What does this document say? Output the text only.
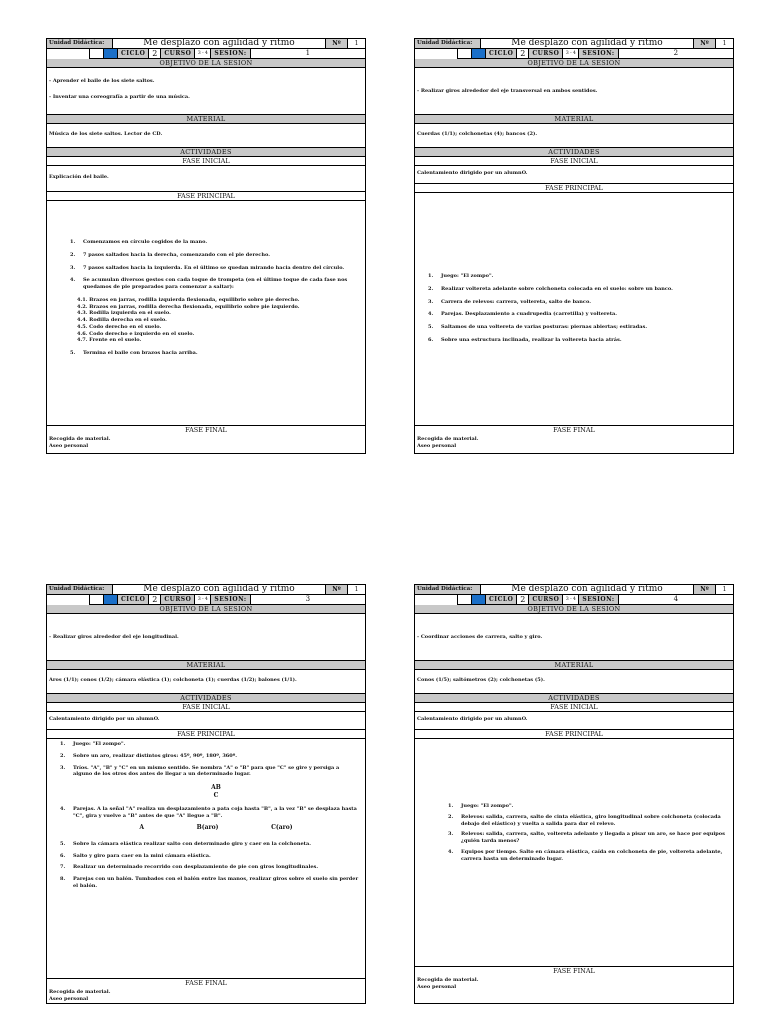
Unidad Didáctica:	Me desplazo con agilidad y ritmo	Nº	1
CICLO 2	CURSO	3 - 4	SESION:	1
OBJETIVO DE LA SESION
- Aprender el baile de los siete saltos.
- Inventar una coreografía a partir de una música.
MATERIAL
Música de los siete saltos. Lector de CD.
ACTIVIDADES
FASE INICIAL
Explicación del baile.
FASE PRINCIPAL
1. Comenzamos en círculo cogidos de la mano.
2. 7 pasos saltados hacia la derecha, comenzando con el pie derecho.
3. 7 pasos saltados hacia la izquierda. En el último se quedan mirando hacia dentro del círculo.
4. Se acumulan diversos gestos con cada toque de trompeta (en el último toque de cada fase nos quedamos de pie preparados para comenzar a saltar):
4.1. Brazos en jarras, rodilla izquierda flexionada, equilibrio sobre pie derecho.
4.2. Brazos en jarras, rodilla derecha flexionada, equilibrio sobre pie izquierdo.
4.3. Rodilla izquierda en el suelo.
4.4. Rodilla derecha en el suelo.
4.5. Codo derecho en el suelo.
4.6. Codo derecho e izquierdo en el suelo.
4.7. Frente en el suelo.
5. Termina el baile con brazos hacia arriba.
FASE FINAL
Recogida de material.
Aseo personal
Unidad Didáctica:	Me desplazo con agilidad y ritmo	Nº	1
CICLO 2	CURSO	3 - 4	SESION:	2
OBJETIVO DE LA SESION
- Realizar giros alrededor del eje transversal en ambos sentidos.
MATERIAL
Cuerdas (1/1); colchonetas (4); bancos (2).
ACTIVIDADES
FASE INICIAL
Calentamiento dirigido por un alumnO.
FASE PRINCIPAL
1. Juego: "El zompo".
2. Realizar voltereta adelante sobre colchoneta colocada en el suelo: sobre un banco.
3. Carrera de relevos: carrera, voltereta, salto de banco.
4. Parejas. Desplazamiento a cuadrupedia (carretilla) y voltereta.
5. Saltamos de una voltereta de varias posturas: piernas abiertas; estiradas.
6. Sobre una estructura inclinada, realizar la voltereta hacia atrás.
FASE FINAL
Recogida de material.
Aseo personal
Unidad Didáctica:	Me desplazo con agilidad y ritmo	Nº	1
CICLO 2	CURSO	3 - 4	SESION:	3
OBJETIVO DE LA SESION
- Realizar giros alrededor del eje longitudinal.
MATERIAL
Aros (1/1); conos (1/2); cámara elástica (1); colchoneta (1); cuerdas (1/2); balones (1/1).
ACTIVIDADES
FASE INICIAL
Calentamiento dirigido por un alumnO.
FASE PRINCIPAL
1. Juego: "El zompo".
2. Sobre un aro, realizar distintos giros: 45º, 90º, 180º, 360º.
3. Tríos. "A", "B" y "C" en un mismo sentido. Se nombra "A" o "B" para que "C" se gire y persiga a alguno de los otros dos antes de llegar a un determinado lugar.
AB
C
4. Parejas. A la señal "A" realiza un desplazamiento a pata coja hasta "B", a la vez "B" se desplaza hasta "C", gira y vuelve a "B" antes de que "A" llegue a "B".
A	B(aro)	C(aro)
5. Sobre la cámara elástica realizar salto con determinado giro y caer en la colchoneta.
6. Salto y giro para caer en la mini cámara elástica.
7. Realizar un determinado recorrido con desplazamiento de pie con giros longitudinales.
8. Parejas con un balón. Tumbados con el balón entre las manos, realizar giros sobre el suelo sin perder el balón.
FASE FINAL
Recogida de material.
Aseo personal
Unidad Didáctica:	Me desplazo con agilidad y ritmo	Nº	1
CICLO 2	CURSO	3 - 4	SESION:	4
OBJETIVO DE LA SESION
- Coordinar acciones de carrera, salto y giro.
MATERIAL
Conos (1/5); saltómetros (2); colchonetas (5).
ACTIVIDADES
FASE INICIAL
Calentamiento dirigido por un alumnO.
FASE PRINCIPAL
1. Juego: "El zompo".
2. Relevos: salida, carrera, salto de cinta elástica, giro longitudinal sobre colchoneta (colocada debajo del elástico) y vuelta a salida para dar el relevo.
3. Relevos: salida, carrera, salto, voltereta adelante y llegada a pisar un aro, se hace por equipos ¿quién tarda menos?
4. Equipos por tiempo. Salto en cámara elástica, caída en colchoneta de pie, voltereta adelante, carrera hasta un determinado lugar.
FASE FINAL
Recogida de material.
Aseo personal
